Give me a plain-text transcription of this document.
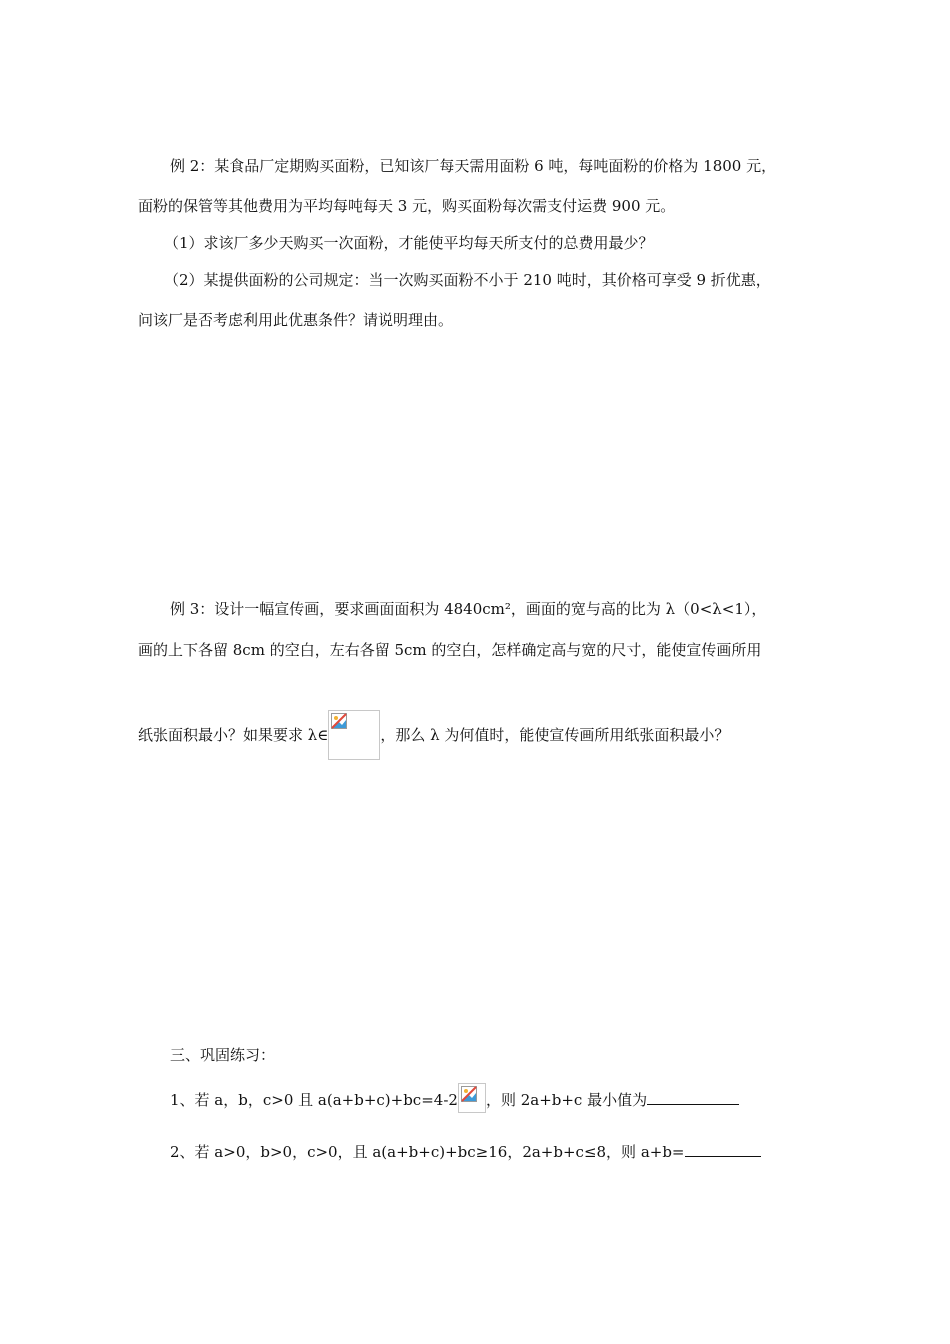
例 2：某食品厂定期购买面粉，已知该厂每天需用面粉 6 吨，每吨面粉的价格为 1800 元，
面粉的保管等其他费用为平均每吨每天 3 元，购买面粉每次需支付运费 900 元。
（1）求该厂多少天购买一次面粉，才能使平均每天所支付的总费用最少？
（2）某提供面粉的公司规定：当一次购买面粉不小于 210 吨时，其价格可享受 9 折优惠，
问该厂是否考虑利用此优惠条件？请说明理由。
例 3：设计一幅宣传画，要求画面面积为 4840cm²，画面的宽与高的比为 λ（0<λ<1），
画的上下各留 8cm 的空白，左右各留 5cm 的空白，怎样确定高与宽的尺寸，能使宣传画所用
纸张面积最小？如果要求 λ∈	，那么 λ 为何值时，能使宣传画所用纸张面积最小？
三、巩固练习：
1、若 a，b，c>0 且 a(a+b+c)+bc=4-2 ，则 2a+b+c 最小值为
2、若 a>0，b>0，c>0，且 a(a+b+c)+bc≥16，2a+b+c≤8，则 a+b=
